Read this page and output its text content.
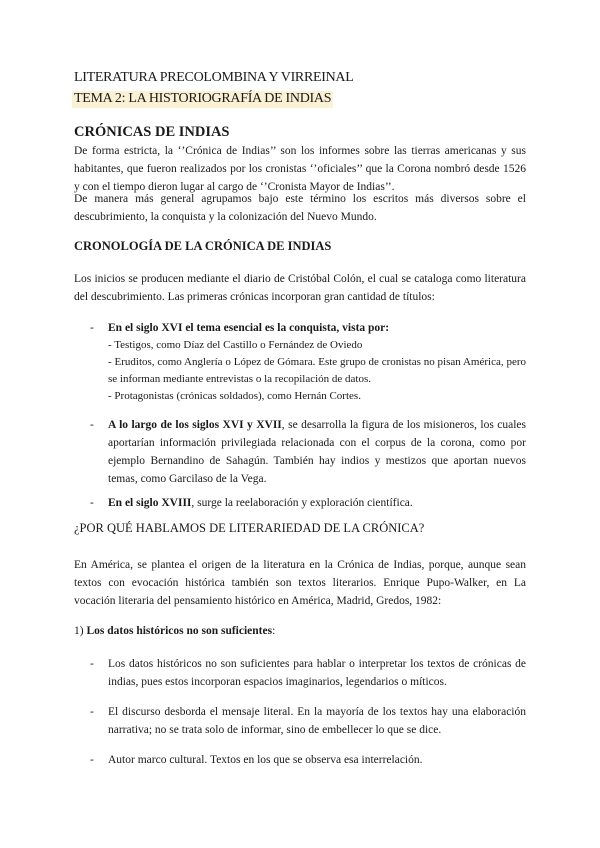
LITERATURA PRECOLOMBINA Y VIRREINAL
TEMA 2: LA HISTORIOGRAFÍA DE INDIAS
CRÓNICAS DE INDIAS
De forma estricta, la ‘’Crónica de Indias’’ son los informes sobre las tierras americanas y sus habitantes, que fueron realizados por los cronistas ‘’oficiales’’ que la Corona nombró desde 1526 y con el tiempo dieron lugar al cargo de ‘’Cronista Mayor de Indias’’.
De manera más general agrupamos bajo este término los escritos más diversos sobre el descubrimiento, la conquista y la colonización del Nuevo Mundo.
CRONOLOGÍA DE LA CRÓNICA DE INDIAS
Los inicios se producen mediante el diario de Cristóbal Colón, el cual se cataloga como literatura del descubrimiento. Las primeras crónicas incorporan gran cantidad de títulos:
- En el siglo XVI el tema esencial es la conquista, vista por:
- Testigos, como Díaz del Castillo o Fernández de Oviedo
- Eruditos, como Anglería o López de Gómara. Este grupo de cronistas no pisan América, pero se informan mediante entrevistas o la recopilación de datos.
- Protagonistas (crónicas soldados), como Hernán Cortes.
- A lo largo de los siglos XVI y XVII, se desarrolla la figura de los misioneros, los cuales aportarían información privilegiada relacionada con el corpus de la corona, como por ejemplo Bernandino de Sahagún. También hay indios y mestizos que aportan nuevos temas, como Garcilaso de la Vega.
- En el siglo XVIII, surge la reelaboración y exploración científica.
¿POR QUÉ HABLAMOS DE LITERARIEDAD DE LA CRÓNICA?
En América, se plantea el origen de la literatura en la Crónica de Indias, porque, aunque sean textos con evocación histórica también son textos literarios. Enrique Pupo-Walker, en La vocación literaria del pensamiento histórico en América, Madrid, Gredos, 1982:
1) Los datos históricos no son suficientes:
- Los datos históricos no son suficientes para hablar o interpretar los textos de crónicas de indias, pues estos incorporan espacios imaginarios, legendarios o míticos.
- El discurso desborda el mensaje literal. En la mayoría de los textos hay una elaboración narrativa; no se trata solo de informar, sino de embellecer lo que se dice.
- Autor marco cultural. Textos en los que se observa esa interrelación.
